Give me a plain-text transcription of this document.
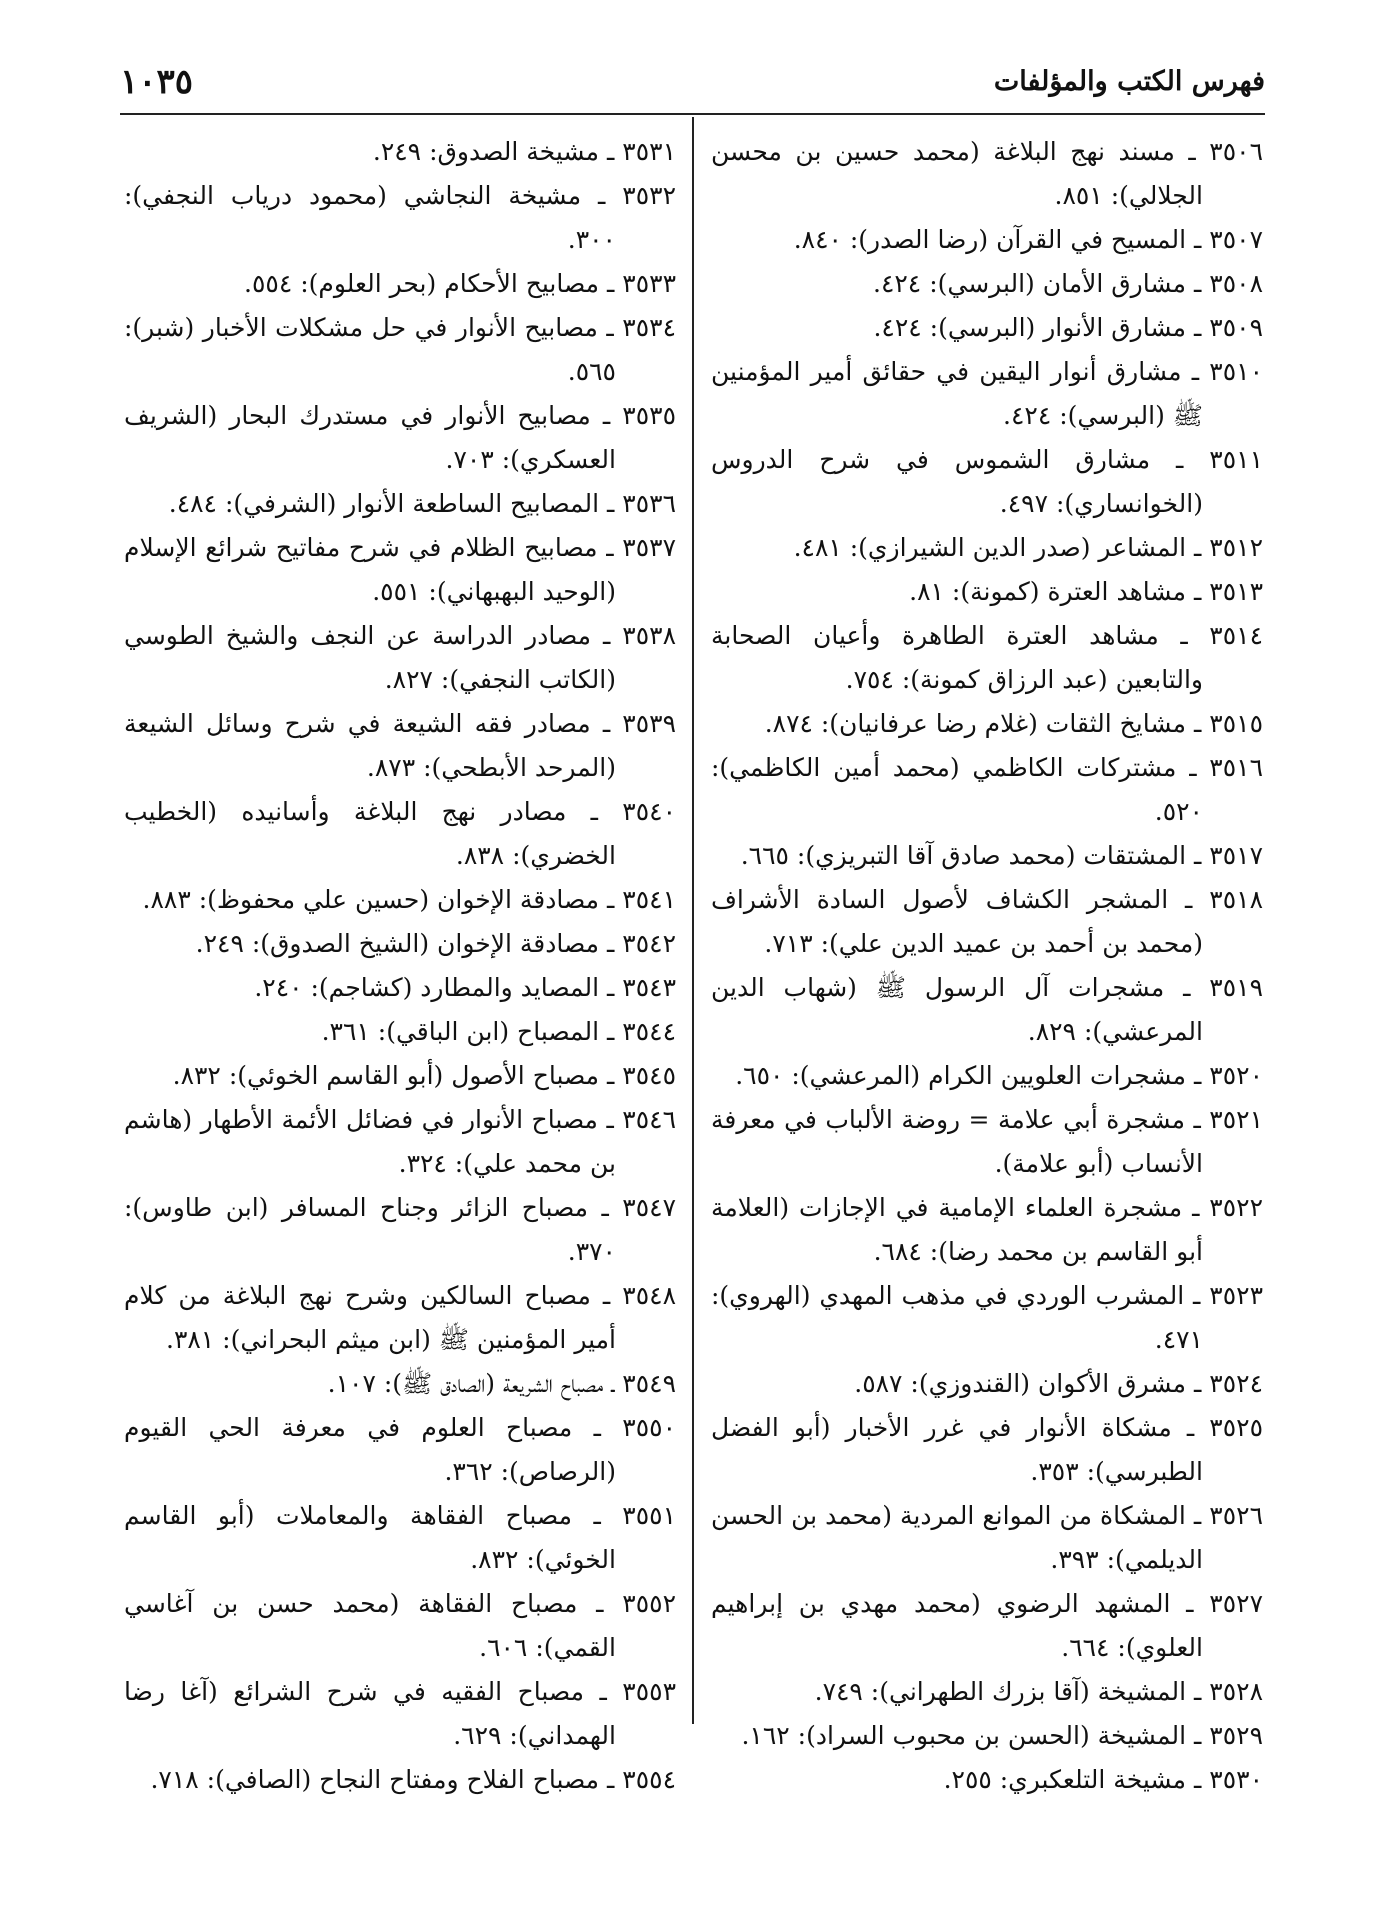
فهرس الكتب والمؤلفات
١٠٣٥

٣٥٠٦ ـ مسند نهج البلاغة (محمد حسين بن محسن الجلالي): ٨٥١.

٣٥٠٧ ـ المسيح في القرآن (رضا الصدر): ٨٤٠.

٣٥٠٨ ـ مشارق الأمان (البرسي): ٤٢٤.

٣٥٠٩ ـ مشارق الأنوار (البرسي): ٤٢٤.

٣٥١٠ ـ مشارق أنوار اليقين في حقائق أمير المؤمنين ﷺ (البرسي): ٤٢٤.

٣٥١١ ـ مشارق الشموس في شرح الدروس (الخوانساري): ٤٩٧.

٣٥١٢ ـ المشاعر (صدر الدين الشيرازي): ٤٨١.

٣٥١٣ ـ مشاهد العترة (كمونة): ٨١.

٣٥١٤ ـ مشاهد العترة الطاهرة وأعيان الصحابة والتابعين (عبد الرزاق كمونة): ٧٥٤.

٣٥١٥ ـ مشايخ الثقات (غلام رضا عرفانيان): ٨٧٤.

٣٥١٦ ـ مشتركات الكاظمي (محمد أمين الكاظمي): ٥٢٠.

٣٥١٧ ـ المشتقات (محمد صادق آقا التبريزي): ٦٦٥.

٣٥١٨ ـ المشجر الكشاف لأصول السادة الأشراف (محمد بن أحمد بن عميد الدين علي): ٧١٣.

٣٥١٩ ـ مشجرات آل الرسول ﷺ (شهاب الدين المرعشي): ٨٢٩.

٣٥٢٠ ـ مشجرات العلويين الكرام (المرعشي): ٦٥٠.

٣٥٢١ ـ مشجرة أبي علامة = روضة الألباب في معرفة الأنساب (أبو علامة).

٣٥٢٢ ـ مشجرة العلماء الإمامية في الإجازات (العلامة أبو القاسم بن محمد رضا): ٦٨٤.

٣٥٢٣ ـ المشرب الوردي في مذهب المهدي (الهروي): ٤٧١.

٣٥٢٤ ـ مشرق الأكوان (القندوزي): ٥٨٧.

٣٥٢٥ ـ مشكاة الأنوار في غرر الأخبار (أبو الفضل الطبرسي): ٣٥٣.

٣٥٢٦ ـ المشكاة من الموانع المردية (محمد بن الحسن الديلمي): ٣٩٣.

٣٥٢٧ ـ المشهد الرضوي (محمد مهدي بن إبراهيم العلوي): ٦٦٤.

٣٥٢٨ ـ المشيخة (آقا بزرك الطهراني): ٧٤٩.

٣٥٢٩ ـ المشيخة (الحسن بن محبوب السراد): ١٦٢.

٣٥٣٠ ـ مشيخة التلعكبري: ٢٥٥.

٣٥٣١ ـ مشيخة الصدوق: ٢٤٩.

٣٥٣٢ ـ مشيخة النجاشي (محمود درياب النجفي): ٣٠٠.

٣٥٣٣ ـ مصابيح الأحكام (بحر العلوم): ٥٥٤.

٣٥٣٤ ـ مصابيح الأنوار في حل مشكلات الأخبار (شبر): ٥٦٥.

٣٥٣٥ ـ مصابيح الأنوار في مستدرك البحار (الشريف العسكري): ٧٠٣.

٣٥٣٦ ـ المصابيح الساطعة الأنوار (الشرفي): ٤٨٤.

٣٥٣٧ ـ مصابيح الظلام في شرح مفاتيح شرائع الإسلام (الوحيد البهبهاني): ٥٥١.

٣٥٣٨ ـ مصادر الدراسة عن النجف والشيخ الطوسي (الكاتب النجفي): ٨٢٧.

٣٥٣٩ ـ مصادر فقه الشيعة في شرح وسائل الشيعة (المرحد الأبطحي): ٨٧٣.

٣٥٤٠ ـ مصادر نهج البلاغة وأسانيده (الخطيب الخضري): ٨٣٨.

٣٥٤١ ـ مصادقة الإخوان (حسين علي محفوظ): ٨٨٣.

٣٥٤٢ ـ مصادقة الإخوان (الشيخ الصدوق): ٢٤٩.

٣٥٤٣ ـ المصايد والمطارد (كشاجم): ٢٤٠.

٣٥٤٤ ـ المصباح (ابن الباقي): ٣٦١.

٣٥٤٥ ـ مصباح الأصول (أبو القاسم الخوئي): ٨٣٢.

٣٥٤٦ ـ مصباح الأنوار في فضائل الأئمة الأطهار (هاشم بن محمد علي): ٣٢٤.

٣٥٤٧ ـ مصباح الزائر وجناح المسافر (ابن طاوس): ٣٧٠.

٣٥٤٨ ـ مصباح السالكين وشرح نهج البلاغة من كلام أمير المؤمنين ﷺ (ابن ميثم البحراني): ٣٨١.

٣٥٤٩ ـ مصباح الشريعة (الصادق ﷺ): ١٠٧.

٣٥٥٠ ـ مصباح العلوم في معرفة الحي القيوم (الرصاص): ٣٦٢.

٣٥٥١ ـ مصباح الفقاهة والمعاملات (أبو القاسم الخوئي): ٨٣٢.

٣٥٥٢ ـ مصباح الفقاهة (محمد حسن بن آغاسي القمي): ٦٠٦.

٣٥٥٣ ـ مصباح الفقيه في شرح الشرائع (آغا رضا الهمداني): ٦٢٩.

٣٥٥٤ ـ مصباح الفلاح ومفتاح النجاح (الصافي): ٧١٨.
